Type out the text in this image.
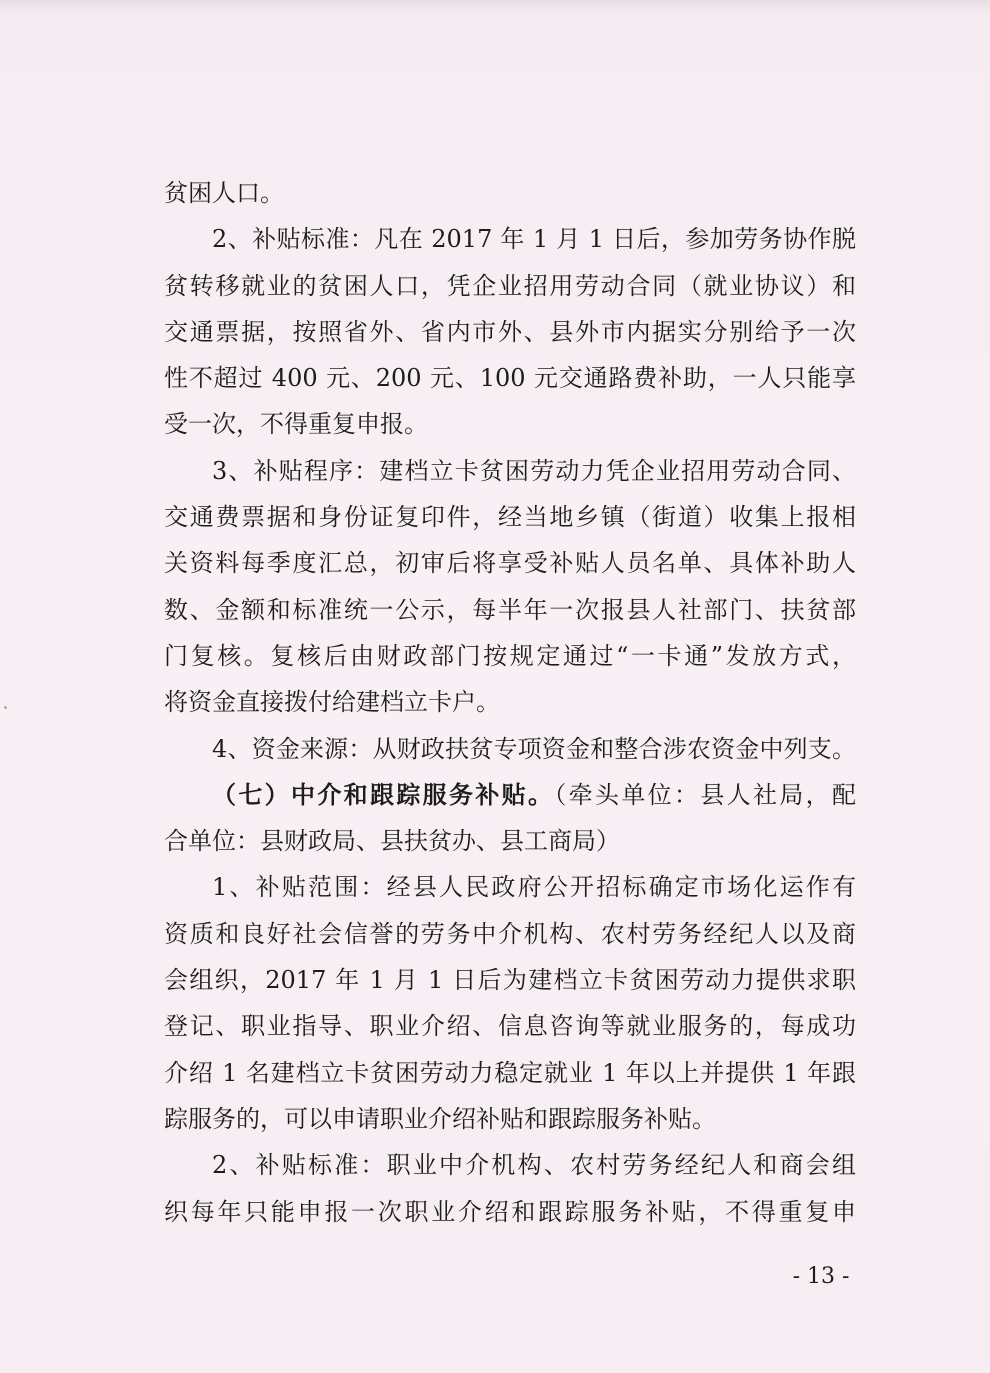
贫困人口。
2、补贴标准：凡在 2017 年 1 月 1 日后，参加劳务协作脱
贫转移就业的贫困人口，凭企业招用劳动合同（就业协议）和
交通票据，按照省外、省内市外、县外市内据实分别给予一次
性不超过 400 元、200 元、100 元交通路费补助，一人只能享
受一次，不得重复申报。
3、补贴程序：建档立卡贫困劳动力凭企业招用劳动合同、
交通费票据和身份证复印件，经当地乡镇（街道）收集上报相
关资料每季度汇总，初审后将享受补贴人员名单、具体补助人
数、金额和标准统一公示，每半年一次报县人社部门、扶贫部
门复核。复核后由财政部门按规定通过“一卡通”发放方式，
将资金直接拨付给建档立卡户。
4、资金来源：从财政扶贫专项资金和整合涉农资金中列支。
（七）中介和跟踪服务补贴。（牵头单位：县人社局，配
合单位：县财政局、县扶贫办、县工商局）
1、补贴范围：经县人民政府公开招标确定市场化运作有
资质和良好社会信誉的劳务中介机构、农村劳务经纪人以及商
会组织，2017 年 1 月 1 日后为建档立卡贫困劳动力提供求职
登记、职业指导、职业介绍、信息咨询等就业服务的，每成功
介绍 1 名建档立卡贫困劳动力稳定就业 1 年以上并提供 1 年跟
踪服务的，可以申请职业介绍补贴和跟踪服务补贴。
2、补贴标准：职业中介机构、农村劳务经纪人和商会组
织每年只能申报一次职业介绍和跟踪服务补贴，不得重复申
- 13 -
